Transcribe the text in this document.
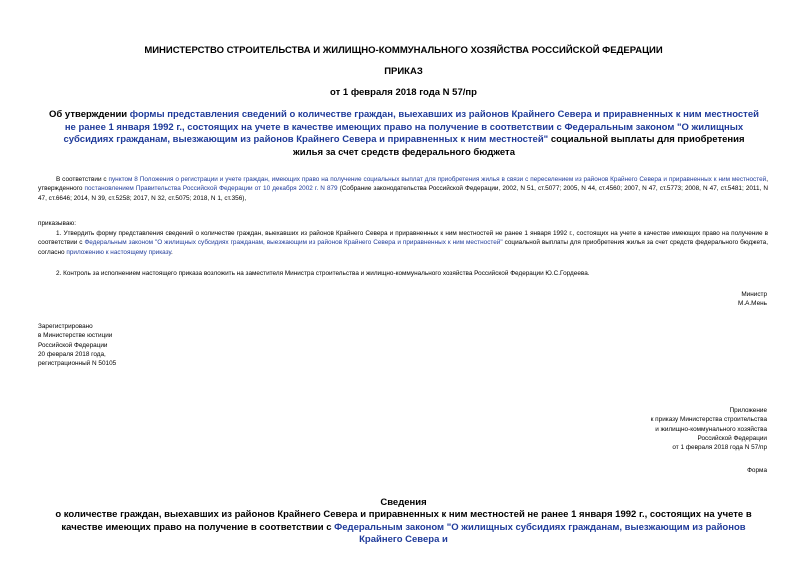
МИНИСТЕРСТВО СТРОИТЕЛЬСТВА И ЖИЛИЩНО-КОММУНАЛЬНОГО ХОЗЯЙСТВА РОССИЙСКОЙ ФЕДЕРАЦИИ
ПРИКАЗ
от 1 февраля 2018 года N 57/пр
Об утверждении формы представления сведений о количестве граждан, выехавших из районов Крайнего Севера и приравненных к ним местностей не ранее 1 января 1992 г., состоящих на учете в качестве имеющих право на получение в соответствии с Федеральным законом "О жилищных субсидиях гражданам, выезжающим из районов Крайнего Севера и приравненных к ним местностей" социальной выплаты для приобретения жилья за счет средств федерального бюджета
В соответствии с пунктом 8 Положения о регистрации и учете граждан, имеющих право на получение социальных выплат для приобретения жилья в связи с переселением из районов Крайнего Севера и приравненных к ним местностей, утвержденного постановлением Правительства Российской Федерации от 10 декабря 2002 г. N 879 (Собрание законодательства Российской Федерации, 2002, N 51, ст.5077; 2005, N 44, ст.4560; 2007, N 47, ст.5773; 2008, N 47, ст.5481; 2011, N 47, ст.6646; 2014, N 39, ст.5258; 2017, N 32, ст.5075; 2018, N 1, ст.356),
приказываю:
1. Утвердить форму представления сведений о количестве граждан, выехавших из районов Крайнего Севера и приравненных к ним местностей не ранее 1 января 1992 г., состоящих на учете в качестве имеющих право на получение в соответствии с Федеральным законом "О жилищных субсидиях гражданам, выезжающим из районов Крайнего Севера и приравненных к ним местностей" социальной выплаты для приобретения жилья за счет средств федерального бюджета, согласно приложению к настоящему приказу.
2. Контроль за исполнением настоящего приказа возложить на заместителя Министра строительства и жилищно-коммунального хозяйства Российской Федерации Ю.С.Гордеева.
Министр
М.А.Мень
Зарегистрировано
в Министерстве юстиции
Российской Федерации
20 февраля 2018 года,
регистрационный N 50105
Приложение
к приказу Министерства строительства
и жилищно-коммунального хозяйства
Российской Федерации
от 1 февраля 2018 года N 57/пр
Форма
Сведения
о количестве граждан, выехавших из районов Крайнего Севера и приравненных к ним местностей не ранее 1 января 1992 г., состоящих на учете в качестве имеющих право на получение в соответствии с Федеральным законом "О жилищных субсидиях гражданам, выезжающим из районов Крайнего Севера и
